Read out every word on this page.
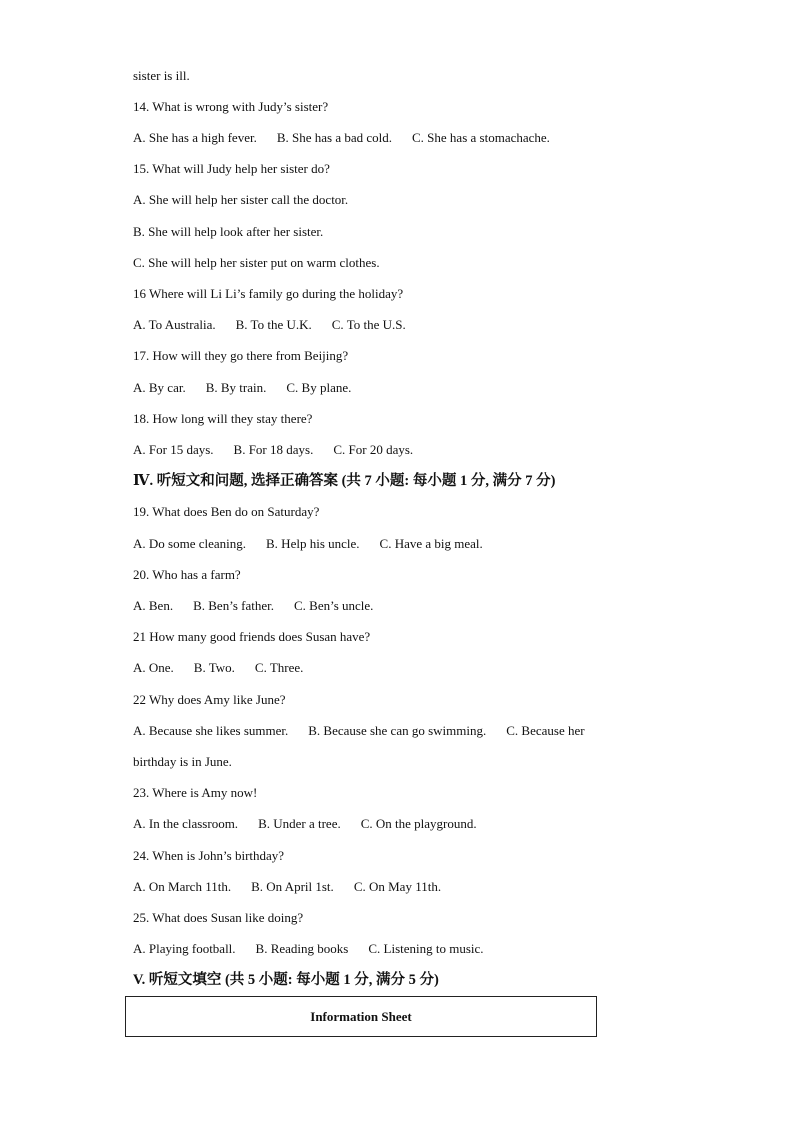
sister is ill.
14. What is wrong with Judy’s sister?
A. She has a high fever. B. She has a bad cold. C. She has a stomachache.
15. What will Judy help her sister do?
A. She will help her sister call the doctor.
B. She will help look after her sister.
C. She will help her sister put on warm clothes.
16 Where will Li Li’s family go during the holiday?
A. To Australia. B. To the U.K. C. To the U.S.
17. How will they go there from Beijing?
A. By car. B. By train. C. By plane.
18. How long will they stay there?
A. For 15 days. B. For 18 days. C. For 20 days.
Ⅳ. 听短文和问题, 选择正确答案 (共 7 小题: 每小题 1 分, 满分 7 分)
19. What does Ben do on Saturday?
A. Do some cleaning. B. Help his uncle. C. Have a big meal.
20. Who has a farm?
A. Ben. B. Ben’s father. C. Ben’s uncle.
21 How many good friends does Susan have?
A. One. B. Two. C. Three.
22 Why does Amy like June?
A. Because she likes summer. B. Because she can go swimming. C. Because her
birthday is in June.
23. Where is Amy now!
A. In the classroom. B. Under a tree. C. On the playground.
24. When is John’s birthday?
A. On March 11th. B. On April 1st. C. On May 11th.
25. What does Susan like doing?
A. Playing football. B. Reading books C. Listening to music.
V. 听短文填空 (共 5 小题: 每小题 1 分, 满分 5 分)
Information Sheet
